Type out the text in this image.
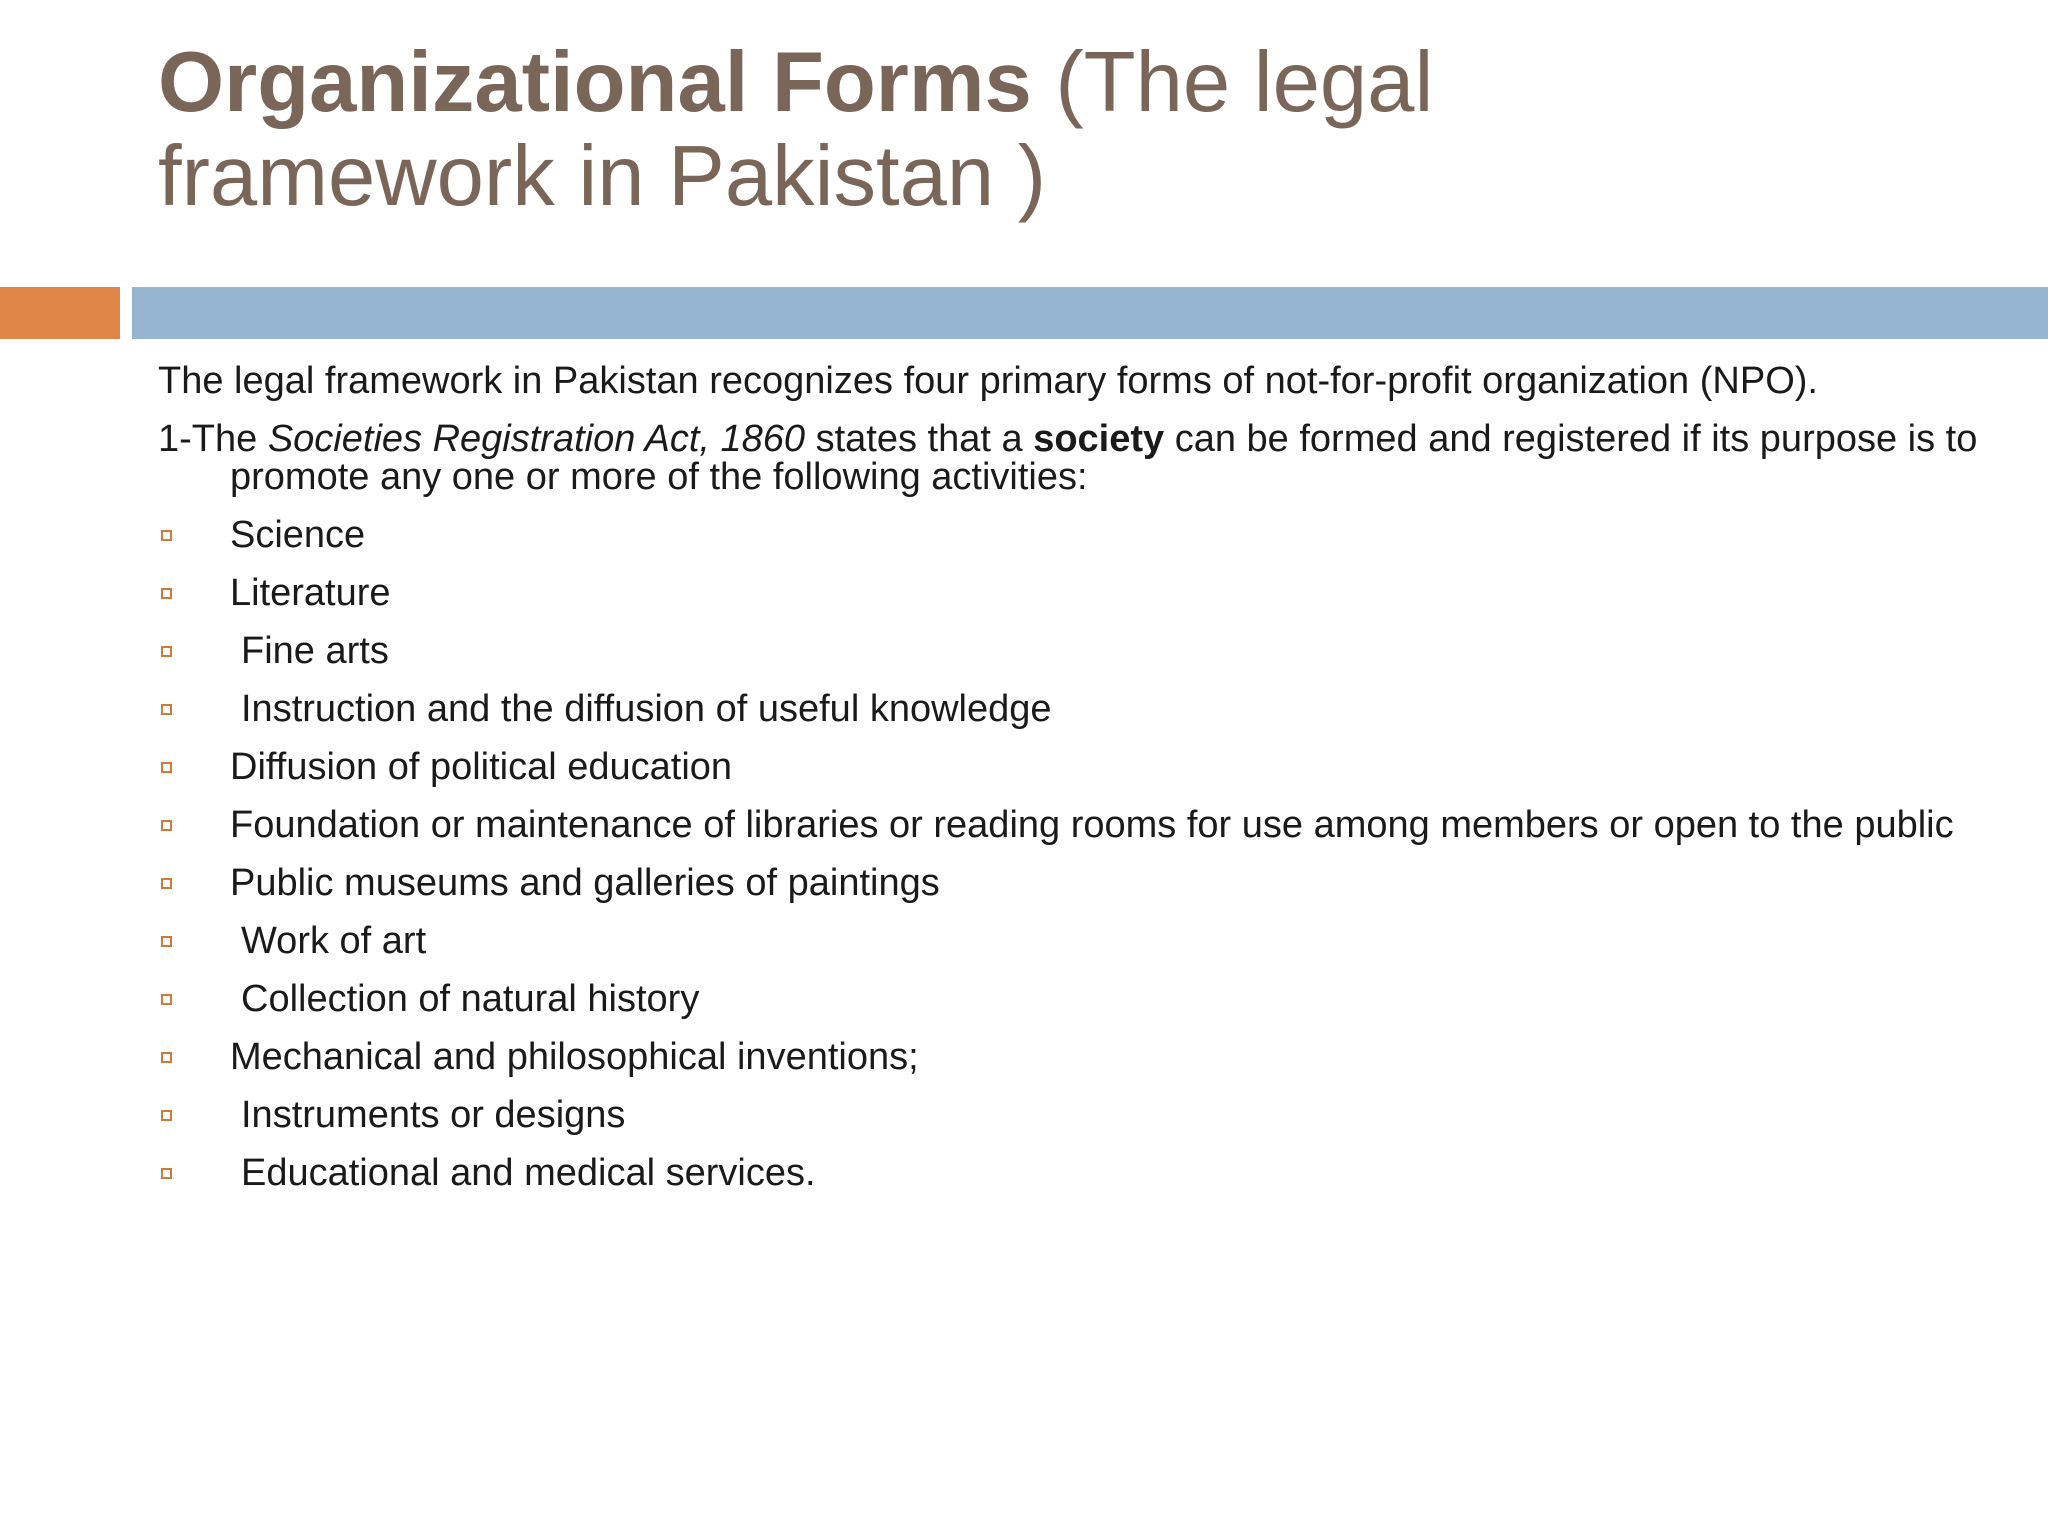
Organizational Forms (The legal framework in Pakistan )

The legal framework in Pakistan recognizes four primary forms of not-for-profit organization (NPO).

1-The Societies Registration Act, 1860 states that a society can be formed and registered if its purpose is to promote any one or more of the following activities:

Science
Literature
Fine arts
Instruction and the diffusion of useful knowledge
Diffusion of political education
Foundation or maintenance of libraries or reading rooms for use among members or open to the public
Public museums and galleries of paintings
Work of art
Collection of natural history
Mechanical and philosophical inventions;
Instruments or designs
Educational and medical services.
